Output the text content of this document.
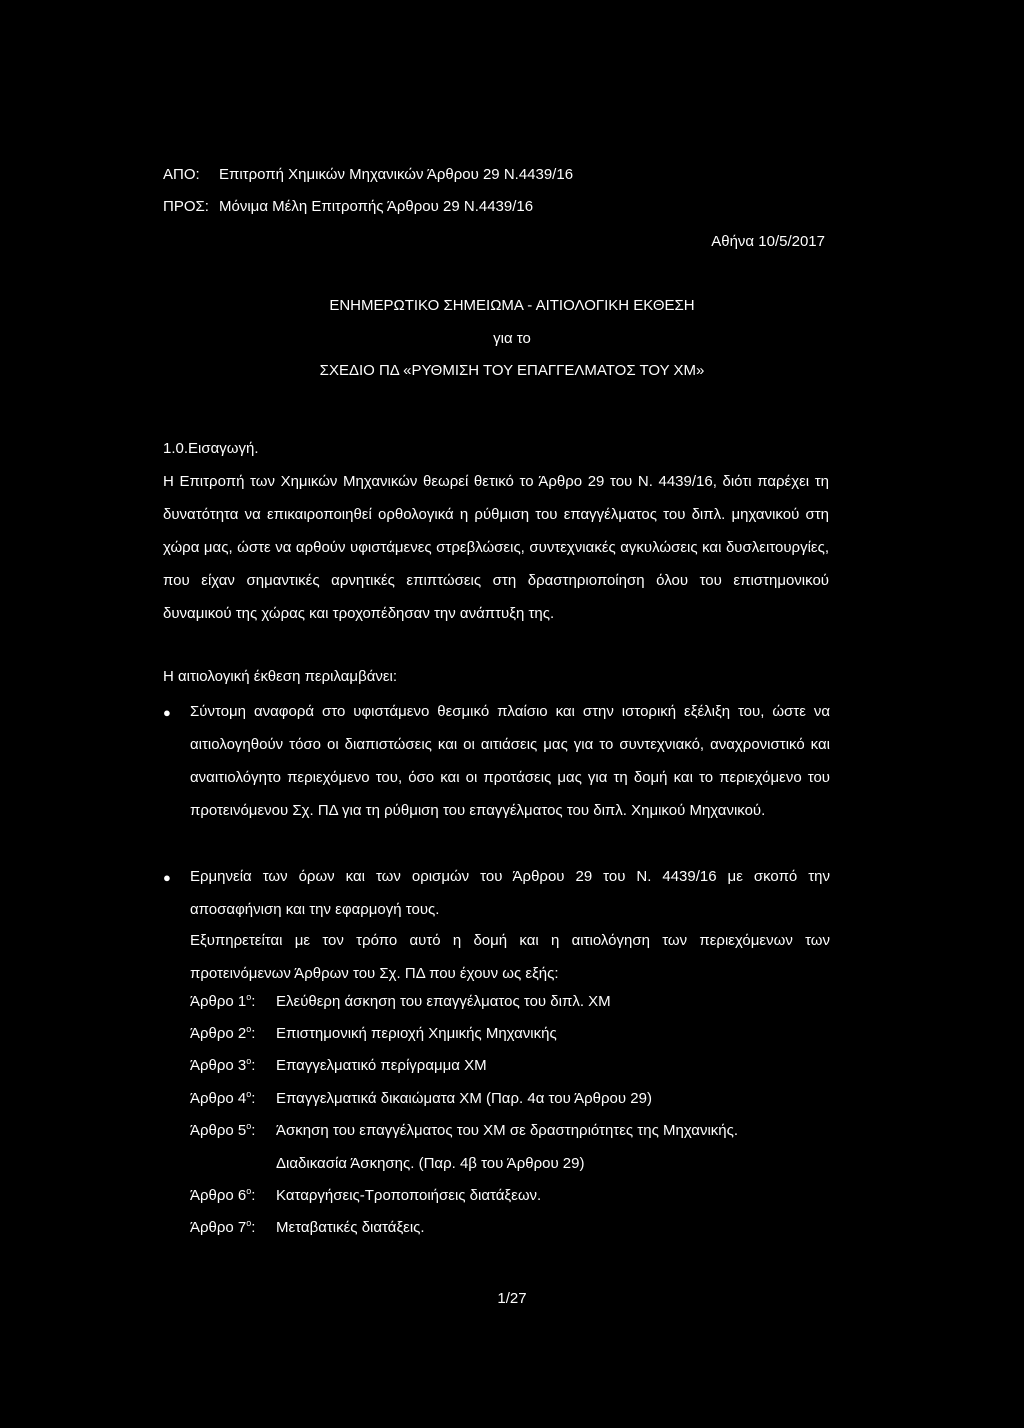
ΑΠΟ: Επιτροπή Χημικών Μηχανικών Άρθρου 29 Ν.4439/16
ΠΡΟΣ: Μόνιμα Μέλη Επιτροπής Άρθρου 29 Ν.4439/16
Αθήνα 10/5/2017
ΕΝΗΜΕΡΩΤΙΚΟ ΣΗΜΕΙΩΜΑ - ΑΙΤΙΟΛΟΓΙΚΗ ΕΚΘΕΣΗ
για το
ΣΧΕΔΙΟ ΠΔ «ΡΥΘΜΙΣΗ ΤΟΥ ΕΠΑΓΓΕΛΜΑΤΟΣ ΤΟΥ ΧΜ»
1.0.Εισαγωγή.
Η Επιτροπή των Χημικών Μηχανικών θεωρεί θετικό το Άρθρο 29 του Ν. 4439/16, διότι παρέχει τη δυνατότητα να επικαιροποιηθεί ορθολογικά η ρύθμιση του επαγγέλματος του διπλ. μηχανικού στη χώρα μας, ώστε να αρθούν υφιστάμενες στρεβλώσεις, συντεχνιακές αγκυλώσεις και δυσλειτουργίες, που είχαν σημαντικές αρνητικές επιπτώσεις στη δραστηριοποίηση όλου του επιστημονικού δυναμικού της χώρας και τροχοπέδησαν την ανάπτυξη της.
Η αιτιολογική έκθεση περιλαμβάνει:
● Σύντομη αναφορά στο υφιστάμενο θεσμικό πλαίσιο και στην ιστορική εξέλιξη του, ώστε να αιτιολογηθούν τόσο οι διαπιστώσεις και οι αιτιάσεις μας για το συντεχνιακό, αναχρονιστικό και αναιτιολόγητο περιεχόμενο του, όσο και οι προτάσεις μας για τη δομή και το περιεχόμενο του προτεινόμενου Σχ. ΠΔ για τη ρύθμιση του επαγγέλματος του διπλ. Χημικού Μηχανικού.
● Ερμηνεία των όρων και των ορισμών του Άρθρου 29 του Ν. 4439/16 με σκοπό την αποσαφήνιση και την εφαρμογή τους.
Εξυπηρετείται με τον τρόπο αυτό η δομή και η αιτιολόγηση των περιεχόμενων των προτεινόμενων Άρθρων του Σχ. ΠΔ που έχουν ως εξής:
Άρθρο $1^o$: Ελεύθερη άσκηση του επαγγέλματος του διπλ. ΧΜ
Άρθρο $2^o$: Επιστημονική περιοχή Χημικής Μηχανικής
Άρθρο $3^o$: Επαγγελματικό περίγραμμα ΧΜ
Άρθρο $4^o$: Επαγγελματικά δικαιώματα ΧΜ (Παρ. 4α του Άρθρου 29)
Άρθρο $5^o$: Άσκηση του επαγγέλματος του ΧΜ σε δραστηριότητες της Μηχανικής.
Διαδικασία Άσκησης. (Παρ. 4β του Άρθρου 29)
Άρθρο $6^o$: Καταργήσεις-Τροποποιήσεις διατάξεων.
Άρθρο $7^o$: Μεταβατικές διατάξεις.
1/27
